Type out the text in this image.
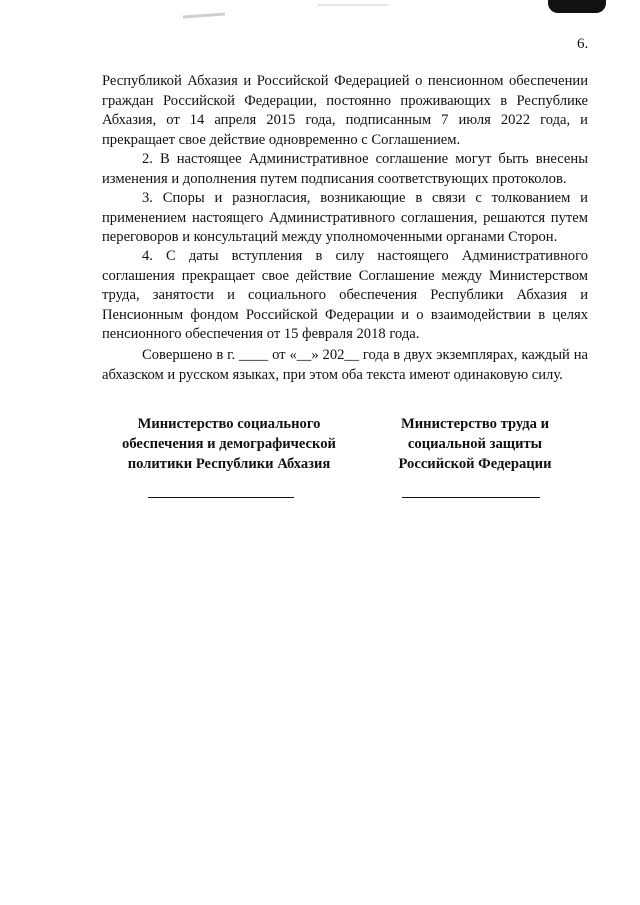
6.

Республикой Абхазия и Российской Федерацией о пенсионном обеспечении граждан Российской Федерации, постоянно проживающих в Республике Абхазия, от 14 апреля 2015 года, подписанным 7 июля 2022 года, и прекращает свое действие одновременно с Соглашением.

2. В настоящее Административное соглашение могут быть внесены изменения и дополнения путем подписания соответствующих протоколов.

3. Споры и разногласия, возникающие в связи с толкованием и применением настоящего Административного соглашения, решаются путем переговоров и консультаций между уполномоченными органами Сторон.

4. С даты вступления в силу настоящего Административного соглашения прекращает свое действие Соглашение между Министерством труда, занятости и социального обеспечения Республики Абхазия и Пенсионным фондом Российской Федерации и о взаимодействии в целях пенсионного обеспечения от 15 февраля 2018 года.

Совершено в г. ____ от «__» 202__ года в двух экземплярах, каждый на абхазском и русском языках, при этом оба текста имеют одинаковую силу.

Министерство социального
обеспечения и демографической
политики Республики Абхазия
Министерство труда и
социальной защиты
Российской Федерации
